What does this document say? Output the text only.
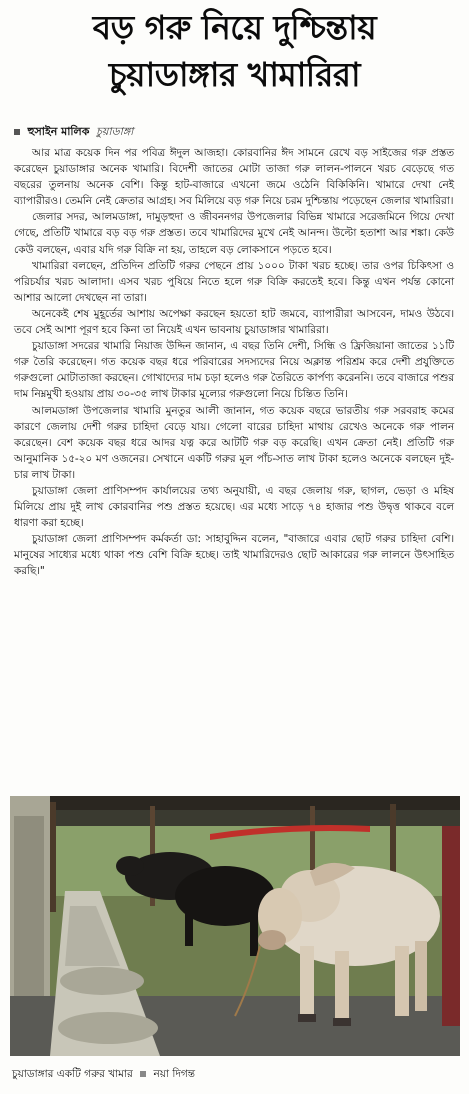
বড় গরু নিয়ে দুশ্চিন্তায়
চুয়াডাঙ্গার খামারিরা
হুসাইন মালিক চুয়াডাঙ্গা

আর মাত্র কয়েক দিন পর পবিত্র ঈদুল আজহা। কোরবানির ঈদ সামনে রেখে বড় সাইজের গরু প্রস্তত করেছেন চুয়াডাঙ্গার অনেক খামারি। বিদেশী জাতের মোটা তাজা গরু লালন-পালনে খরচ বেড়েছে গত বছরের তুলনায় অনেক বেশি। কিন্তু হাট-বাজারে এখনো জমে ওঠেনি বিকিকিনি। খামারে দেখা নেই ব্যাপারীরও। তেমনি নেই ক্রেতার আগ্রহ। সব মিলিয়ে বড় গরু নিয়ে চরম দুশ্চিন্তায় পড়েছেন জেলার খামারিরা।

জেলার সদর, আলমডাঙ্গা, দামুড়হুদা ও জীবননগর উপজেলার বিভিন্ন খামারে সরেজমিনে গিয়ে দেখা গেছে, প্রতিটি খামারে বড় বড় গরু প্রস্তত। তবে খামারিদের মুখে নেই আনন্দ। উল্টো হতাশা আর শঙ্কা। কেউ কেউ বলছেন, এবার যদি গরু বিক্রি না হয়, তাহলে বড় লোকসানে পড়তে হবে।

খামারিরা বলছেন, প্রতিদিন প্রতিটি গরুর পেছনে প্রায় ১০০০ টাকা খরচ হচ্ছে। তার ওপর চিকিৎসা ও পরিচর্যার খরচ আলাদা। এসব খরচ পুষিয়ে নিতে হলে গরু বিক্রি করতেই হবে। কিন্তু এখন পর্যন্ত কোনো আশার আলো দেখছেন না তারা।

অনেকেই শেষ মুহূর্তের আশায় অপেক্ষা করছেন হয়তো হাট জমবে, ব্যাপারীরা আসবেন, দামও উঠবে। তবে সেই আশা পূরণ হবে কিনা তা নিয়েই এখন ভাবনায় চুয়াডাঙ্গার খামারিরা।

চুয়াডাঙ্গা সদরের খামারি নিয়াজ উদ্দিন জানান, এ বছর তিনি দেশী, সিন্ধি ও ফ্রিজিয়ানা জাতের ১১টি গরু তৈরি করেছেন। গত কয়েক বছর ধরে পরিবারের সদস্যদের নিয়ে অক্লান্ত পরিশ্রম করে দেশী প্রযুক্তিতে গরুগুলো মোটাতাজা করছেন। গোখাদ্যের দাম চড়া হলেও গরু তৈরিতে কার্পণ্য করেননি। তবে বাজারে পশুর দাম নিম্নমুখী হওয়ায় প্রায় ৩০-৩৫ লাখ টাকার মূল্যের গরুগুলো নিয়ে চিন্তিত তিনি।

আলমডাঙ্গা উপজেলার খামারি মুনতুর আলী জানান, গত কয়েক বছরে ভারতীয় গরু সরবরাহ কমের কারণে জেলায় দেশী গরুর চাহিদা বেড়ে যায়। গেলো বারের চাহিদা মাথায় রেখেও অনেকে গরু পালন করেছেন। বেশ কয়েক বছর ধরে আদর যত্ন করে আটটি গরু বড় করেছি। এখন ক্রেতা নেই। প্রতিটি গরু আনুমানিক ১৫-২০ মণ ওজনের। সেখানে একটি গরুর মূল পাঁচ-সাত লাখ টাকা হলেও অনেকে বলছেন দুই-চার লাখ টাকা।

চুয়াডাঙ্গা জেলা প্রাণিসম্পদ কার্যালয়ের তথ্য অনুযায়ী, এ বছর জেলায় গরু, ছাগল, ভেড়া ও মহিষ মিলিয়ে প্রায় দুই লাখ কোরবানির পশু প্রস্তত হয়েছে। এর মধ্যে সাড়ে ৭৪ হাজার পশু উদ্বৃত্ত থাকবে বলে ধারণা করা হচ্ছে।

চুয়াডাঙ্গা জেলা প্রাণিসম্পদ কর্মকর্তা ডা: সাহাবুদ্দিন বলেন, "বাজারে এবার ছোট গরুর চাহিদা বেশি। মানুষের সাধ্যের মধ্যে থাকা পশু বেশি বিক্রি হচ্ছে। তাই খামারিদেরও ছোট আকারের গরু লালনে উৎসাহিত করছি।"

চুয়াডাঙ্গার একটি গরুর খামার নয়া দিগন্ত
